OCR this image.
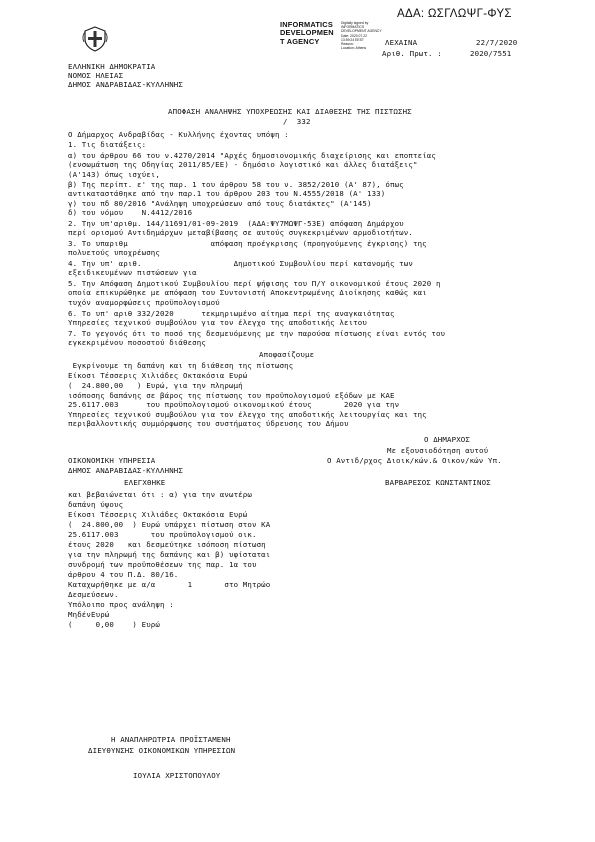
ΑΔΑ: ΩΣΓΛΩΨΓ-ΦΥΣ
INFORMATICS
DEVELOPMEN
T AGENCY
Digitally signed by
INFORMATICS
DEVELOPMENT AGENCY
Date: 2020.07.22
13:59:24 EEST
Reason:
Location: Athens
ΛΕΧΑΙΝΑ	22/7/2020
Αριθ. Πρωτ. :	2020/7551
ΕΛΛΗΝΙΚΗ ΔΗΜΟΚΡΑΤΙΑ
ΝΟΜΟΣ ΗΛΕΙΑΣ
ΔΗΜΟΣ ΑΝΔΡΑΒΙΔΑΣ-ΚΥΛΛΗΝΗΣ
ΑΠΟΦΑΣΗ ΑΝΑΛΗΨΗΣ ΥΠΟΧΡΕΩΣΗΣ ΚΑΙ ΔΙΑΘΕΣΗΣ ΤΗΣ ΠΙΣΤΩΣΗΣ
/  332
Ο Δήμαρχος Ανδραβίδας - Κυλλήνης έχοντας υπόψη :
1. Τις διατάξεις:
α) του άρθρου 66 του ν.4270/2014 "Αρχές δημοσιονομικής διαχείρισης και εποπτείας
(ενσωμάτωση της Οδηγίας 2011/85/ΕΕ) - δημόσιο λογιστικό και άλλες διατάξεις"
(Α'143) όπως ισχύει,
β) Της περίπτ. ε' της παρ. 1 του άρθρου 58 του ν. 3852/2010 (Α' 87), όπως
αντικαταστάθηκε από την παρ.1 του άρθρου 203 του Ν.4555/2018 (Α' 133)
γ) του πδ 80/2016 "Ανάληψη υποχρεώσεων από τους διατάκτες" (Α'145)
δ) του νόμου    Ν.4412/2016
2. Την υπ'αριθμ. 144/11691/01-09-2019  (ΑΔΑ:ΨΥ7ΜΩΨΓ-53Ε) απόφαση Δημάρχου
περί ορισμού Αντιδημάρχων μεταβίβασης σε αυτούς συγκεκριμένων αρμοδιοτήτων.
3. Το υπαριθμ                  απόφαση προέγκρισης (προηγούμενης έγκρισης) της
πολυετούς υποχρέωσης
4. Την υπ' αριθ.                    Δημοτικού Συμβουλίου περί κατανομής των
εξειδικευμένων πιστώσεων για
5. Την Απόφαση Δημοτικού Συμβουλίου περί ψήφισης του Π/Υ οικονομικού έτους 2020 η
οποία επικυρώθηκε με απόφαση του Συντονιστή Αποκεντρωμένης Διοίκησης καθώς και
τυχόν αναμορφώσεις προϋπολογισμού
6. Το υπ' αριθ 332/2020      τεκμηριωμένο αίτημα περί της αναγκαιότητας
Υπηρεσίες τεχνικού συμβούλου για τον έλεγχο της αποδοτικής λειτου
7. Το γεγονός ότι το ποσό της δεσμευόμενης με την παρούσα πίστωσης είναι εντός του
εγκεκριμένου ποσοστού διάθεσης
Αποφασίζουμε
Εγκρίνουμε τη δαπάνη και τη διάθεση της πίστωσης
Είκοσι Τέσσερις Χιλιάδες Οκτακόσια Ευρώ
(  24.800,00   ) Ευρώ, για την πληρωμή
ισόποσης δαπάνης σε βάρος της πίστωσης του προϋπολογισμού εξόδων με ΚΑΕ
25.6117.003      του προϋπολογισμού οικονομικού έτους       2020 για την
Υπηρεσίες τεχνικού συμβούλου για τον έλεγχο της αποδοτικής λειτουργίας και της
περιβαλλοντικής συμμόρφωσης του συστήματος ύδρευσης του Δήμου
Ο ΔΗΜΑΡΧΟΣ
Με εξουσιοδότηση αυτού
Ο Αντιδ/ρχος Διοικ/κών.& Οικον/κών Υπ.
ΒΑΡΒΑΡΕΣΟΣ ΚΩΝΣΤΑΝΤΙΝΟΣ
ΟΙΚΟΝΟΜΙΚΗ ΥΠΗΡΕΣΙΑ
ΔΗΜΟΣ ΑΝΔΡΑΒΙΔΑΣ-ΚΥΛΛΗΝΗΣ
ΕΛΕΓΧΘΗΚΕ
και βεβαιώνεται ότι : α) για την ανωτέρω
δαπάνη ύψους
Είκοσι Τέσσερις Χιλιάδες Οκτακόσια Ευρώ
(  24.800,00  ) Ευρώ υπάρχει πίστωση στον ΚΑ
25.6117.003       του προϋπολογισμού οικ.
έτους 2020   και δεσμεύτηκε ισόποση πίστωση
για την πληρωμή της δαπάνης και β) υφίσταται
συνδρομή των προϋποθέσεων της παρ. 1α του
άρθρου 4 του Π.Δ. 80/16.
Καταχωρήθηκε με α/α       1       στο Μητρώο
Δεσμεύσεων.
Υπόλοιπο προς ανάληψη :
ΜηδένΕυρώ
(     0,00    ) Ευρώ
Η ΑΝΑΠΛΗΡΩΤΡΙΑ ΠΡΟΪΣΤΑΜΕΝΗ
ΔΙΕΥΘΥΝΣΗΣ ΟΙΚΟΝΟΜΙΚΩΝ ΥΠΗΡΕΣΙΩΝ
ΙΟΥΛΙΑ ΧΡΙΣΤΟΠΟΥΛΟΥ
